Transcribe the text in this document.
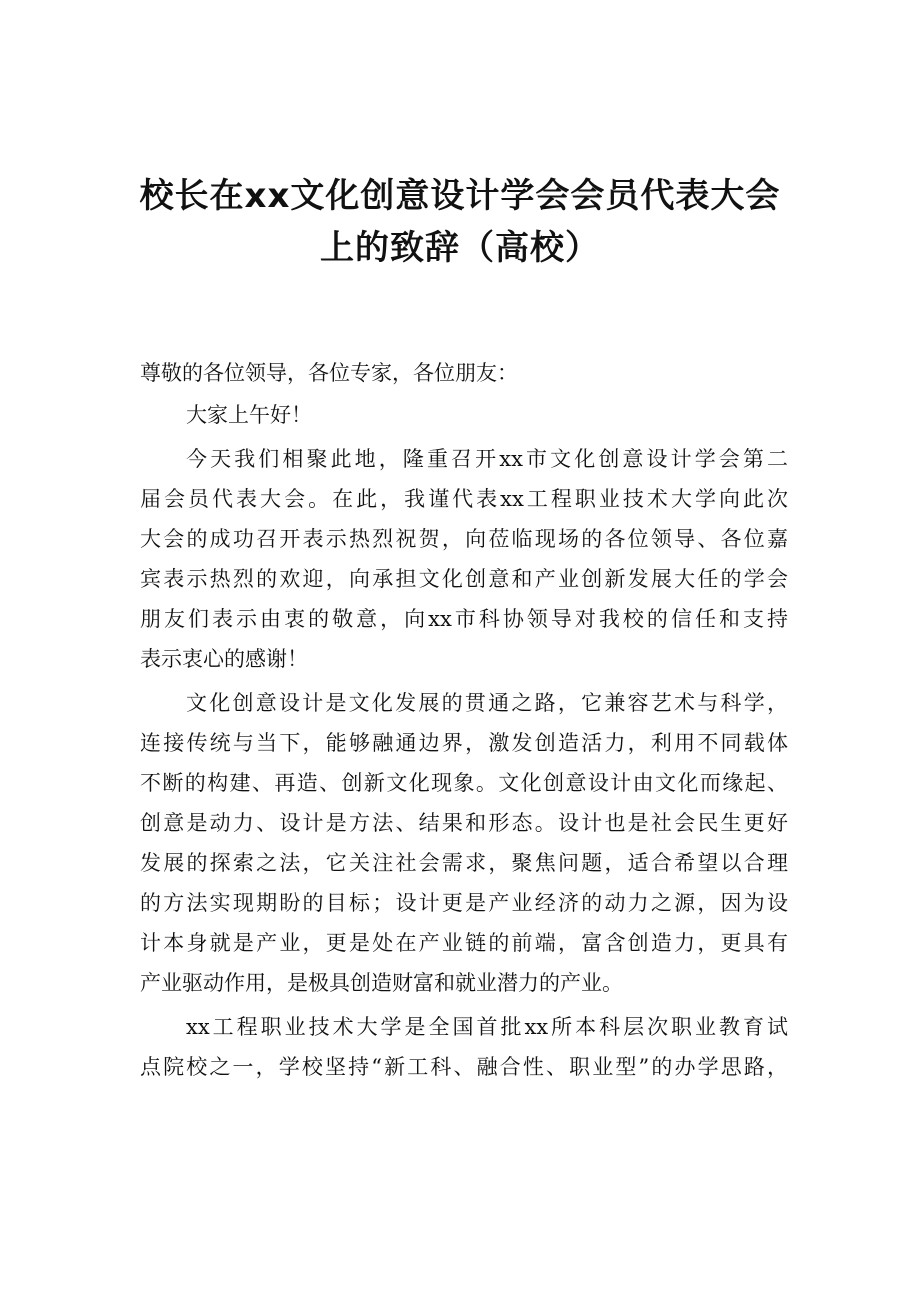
校长在xx文化创意设计学会会员代表大会
上的致辞（高校）
尊敬的各位领导，各位专家，各位朋友：
大家上午好！
今天我们相聚此地，隆重召开xx市文化创意设计学会第二
届会员代表大会。在此，我谨代表xx工程职业技术大学向此次
大会的成功召开表示热烈祝贺，向莅临现场的各位领导、各位嘉
宾表示热烈的欢迎，向承担文化创意和产业创新发展大任的学会
朋友们表示由衷的敬意，向xx市科协领导对我校的信任和支持
表示衷心的感谢！
文化创意设计是文化发展的贯通之路，它兼容艺术与科学，
连接传统与当下，能够融通边界，激发创造活力，利用不同载体
不断的构建、再造、创新文化现象。文化创意设计由文化而缘起、
创意是动力、设计是方法、结果和形态。设计也是社会民生更好
发展的探索之法，它关注社会需求，聚焦问题，适合希望以合理
的方法实现期盼的目标；设计更是产业经济的动力之源，因为设
计本身就是产业，更是处在产业链的前端，富含创造力，更具有
产业驱动作用，是极具创造财富和就业潜力的产业。
xx工程职业技术大学是全国首批xx所本科层次职业教育试
点院校之一，学校坚持“新工科、融合性、职业型”的办学思路，
